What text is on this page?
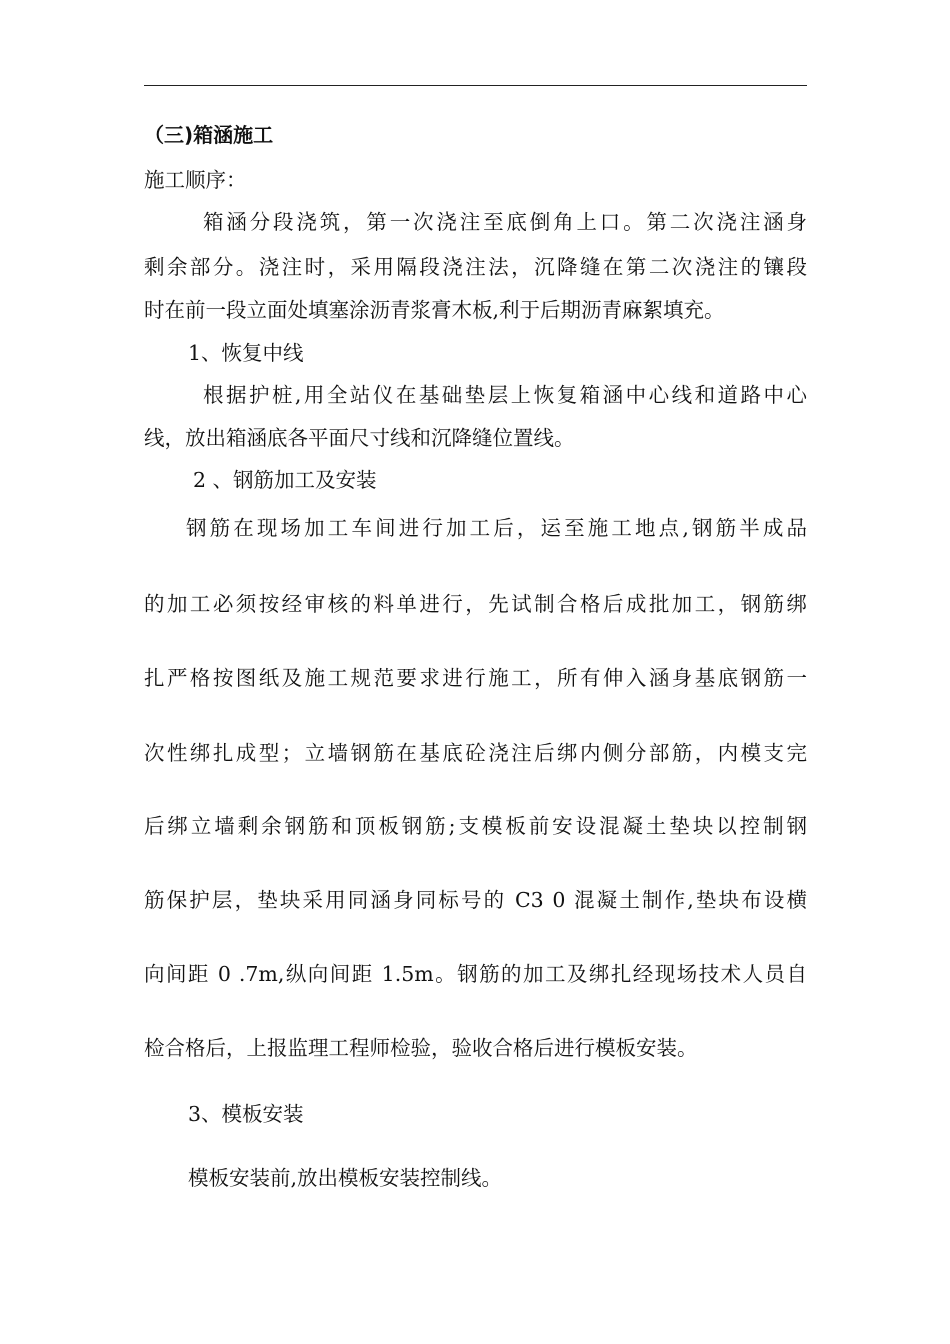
（三)箱涵施工
施工顺序：
箱涵分段浇筑，第一次浇注至底倒角上口。第二次浇注涵身
剩余部分。浇注时，采用隔段浇注法，沉降缝在第二次浇注的镶段
时在前一段立面处填塞涂沥青浆膏木板,利于后期沥青麻絮填充。
1、恢复中线
根据护桩,用全站仪在基础垫层上恢复箱涵中心线和道路中心
线，放出箱涵底各平面尺寸线和沉降缝位置线。
2 、钢筋加工及安装
钢筋在现场加工车间进行加工后，运至施工地点,钢筋半成品
的加工必须按经审核的料单进行，先试制合格后成批加工，钢筋绑
扎严格按图纸及施工规范要求进行施工，所有伸入涵身基底钢筋一
次性绑扎成型；立墙钢筋在基底砼浇注后绑内侧分部筋，内模支完
后绑立墙剩余钢筋和顶板钢筋;支模板前安设混凝土垫块以控制钢
筋保护层，垫块采用同涵身同标号的 C3 0 混凝土制作,垫块布设横
向间距 0 .7m,纵向间距 1.5m。钢筋的加工及绑扎经现场技术人员自
检合格后，上报监理工程师检验，验收合格后进行模板安装。
3、模板安装
模板安装前,放出模板安装控制线。
